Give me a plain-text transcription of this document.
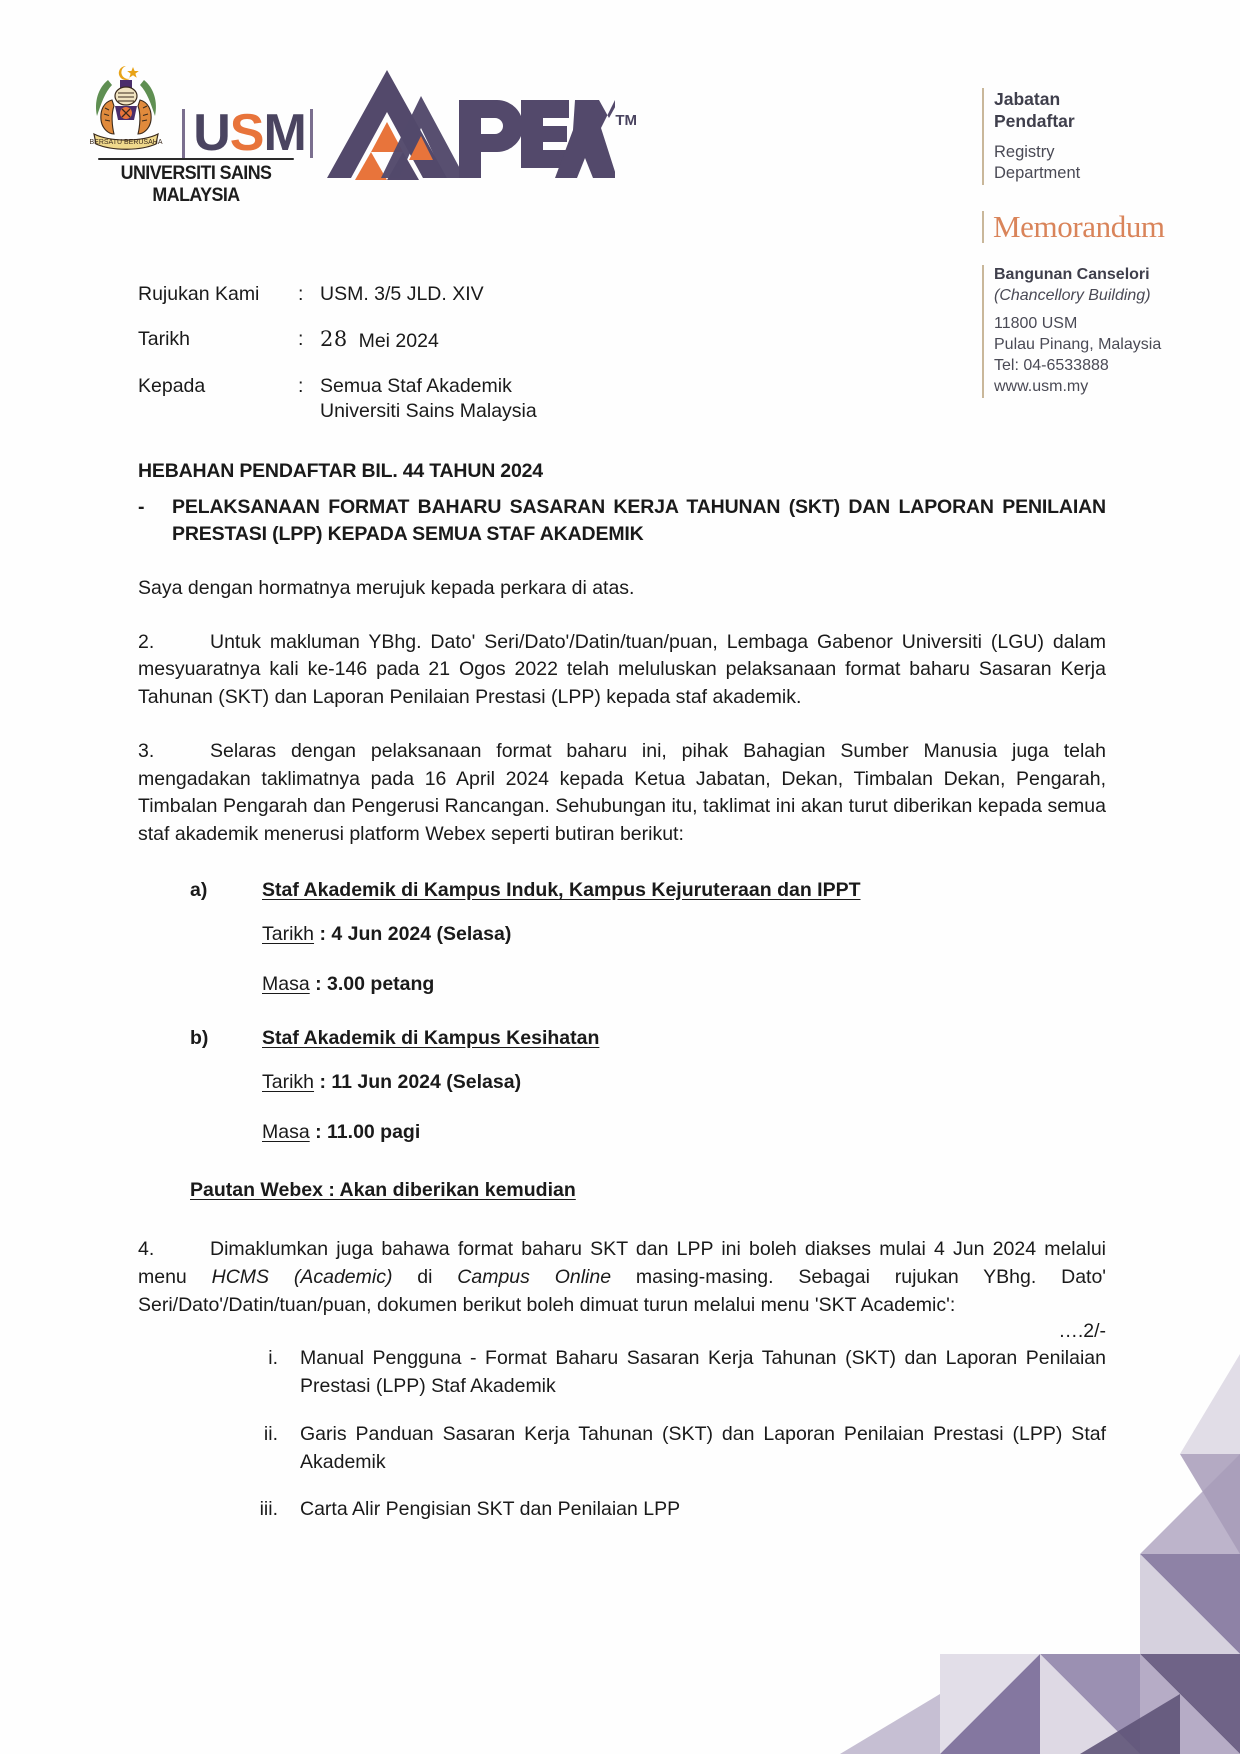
BERSATU BERUSAHA USM
UNIVERSITI SAINS MALAYSIA
TM
Jabatan
Pendaftar
Registry
Department
Memorandum
Bangunan Canselori
(Chancellory Building)
11800 USM
Pulau Pinang, Malaysia
Tel: 04-6533888
www.usm.my
Rujukan Kami	: USM. 3/5 JLD. XIV
Tarikh	: 28 Mei 2024
Kepada	: Semua Staf Akademik
Universiti Sains Malaysia
HEBAHAN PENDAFTAR BIL. 44 TAHUN 2024
-	PELAKSANAAN FORMAT BAHARU SASARAN KERJA TAHUNAN (SKT) DAN LAPORAN PENILAIAN PRESTASI (LPP) KEPADA SEMUA STAF AKADEMIK
Saya dengan hormatnya merujuk kepada perkara di atas.
2.	Untuk makluman YBhg. Dato' Seri/Dato'/Datin/tuan/puan, Lembaga Gabenor Universiti (LGU) dalam mesyuaratnya kali ke-146 pada 21 Ogos 2022 telah meluluskan pelaksanaan format baharu Sasaran Kerja Tahunan (SKT) dan Laporan Penilaian Prestasi (LPP) kepada staf akademik.
3.	Selaras dengan pelaksanaan format baharu ini, pihak Bahagian Sumber Manusia juga telah mengadakan taklimatnya pada 16 April 2024 kepada Ketua Jabatan, Dekan, Timbalan Dekan, Pengarah, Timbalan Pengarah dan Pengerusi Rancangan. Sehubungan itu, taklimat ini akan turut diberikan kepada semua staf akademik menerusi platform Webex seperti butiran berikut:
a)	Staf Akademik di Kampus Induk, Kampus Kejuruteraan dan IPPT
Tarikh : 4 Jun 2024 (Selasa)
Masa : 3.00 petang
b)	Staf Akademik di Kampus Kesihatan
Tarikh : 11 Jun 2024 (Selasa)
Masa : 11.00 pagi
Pautan Webex : Akan diberikan kemudian
4.	Dimaklumkan juga bahawa format baharu SKT dan LPP ini boleh diakses mulai 4 Jun 2024 melalui menu HCMS (Academic) di Campus Online masing-masing. Sebagai rujukan YBhg. Dato' Seri/Dato'/Datin/tuan/puan, dokumen berikut boleh dimuat turun melalui menu 'SKT Academic':
i.	Manual Pengguna - Format Baharu Sasaran Kerja Tahunan (SKT) dan Laporan Penilaian Prestasi (LPP) Staf Akademik
ii.	Garis Panduan Sasaran Kerja Tahunan (SKT) dan Laporan Penilaian Prestasi (LPP) Staf Akademik
iii.	Carta Alir Pengisian SKT dan Penilaian LPP
….2/-
